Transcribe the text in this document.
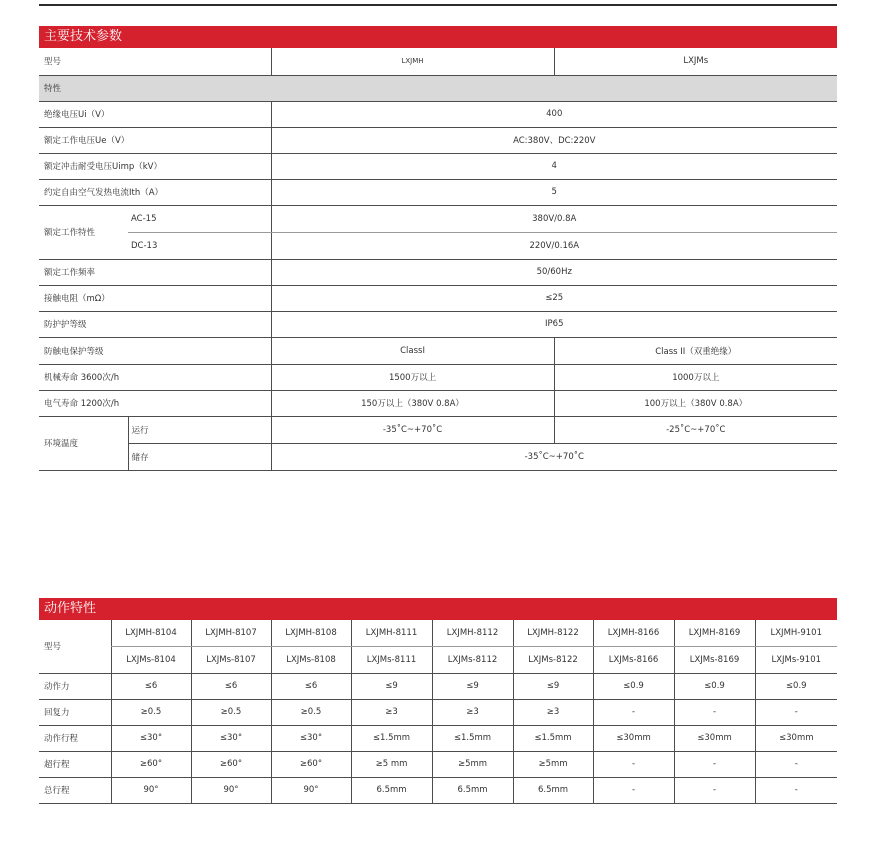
主要技术参数
型号		LXJMH	LXJMs
特性			
绝缘电压Ui（V）		400	
额定工作电压Ue（V）		AC:380V、DC:220V	
额定冲击耐受电压Uimp（kV）		4	
约定自由空气发热电流Ith（A）		5	
额定工作特性	AC-15	380V/0.8A	
	DC-13	220V/0.16A	
额定工作频率		50/60Hz	
接触电阻（mΩ）		≤25	
防护护等级		IP65	
防触电保护等级		ClassI	Class II（双重绝缘）
机械寿命 3600次/h		1500万以上	1000万以上
电气寿命 1200次/h		150万以上（380V 0.8A）	100万以上（380V 0.8A）
环境温度	运行	-35˚C~+70˚C	-25˚C~+70˚C
	储存	-35˚C~+70˚C	
动作特性
型号	LXJMH-8104	LXJMH-8107	LXJMH-8108	LXJMH-8111	LXJMH-8112	LXJMH-8122	LXJMH-8166	LXJMH-8169	LXJMH-9101
	LXJMs-8104	LXJMs-8107	LXJMs-8108	LXJMs-8111	LXJMs-8112	LXJMs-8122	LXJMs-8166	LXJMs-8169	LXJMs-9101
动作力	≤6	≤6	≤6	≤9	≤9	≤9	≤0.9	≤0.9	≤0.9
回复力	≥0.5	≥0.5	≥0.5	≥3	≥3	≥3	-	-	-
动作行程	≤30°	≤30°	≤30°	≤1.5mm	≤1.5mm	≤1.5mm	≤30mm	≤30mm	≤30mm
超行程	≥60°	≥60°	≥60°	≥5 mm	≥5mm	≥5mm	-	-	-
总行程	90°	90°	90°	6.5mm	6.5mm	6.5mm	-	-	-
